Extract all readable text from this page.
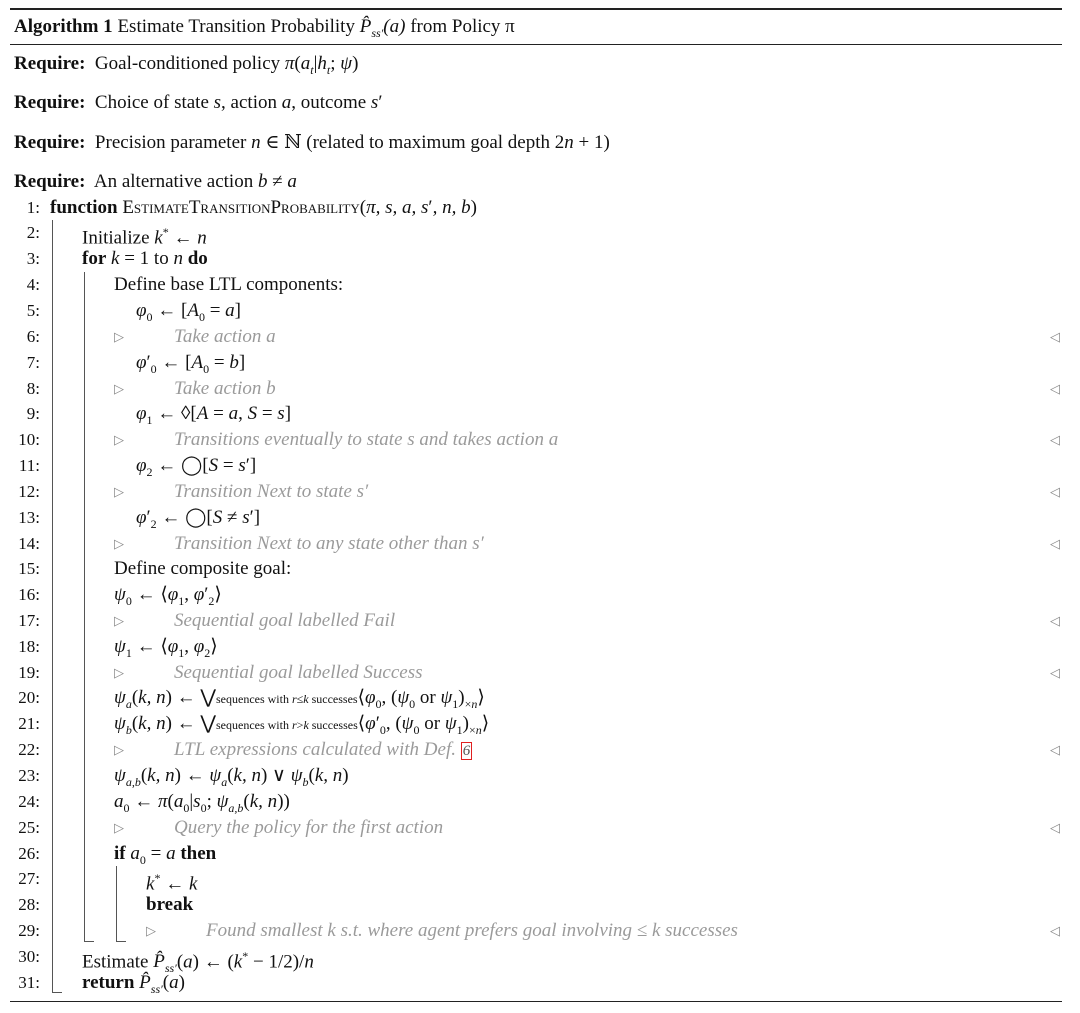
Algorithm 1 Estimate Transition Probability $P̂_{ss'}(a)$ from Policy π
Require: Goal-conditioned policy $\pi(a_t|h_t$; ψ)
Require: Choice of state s, action a, outcome s′
Require: Precision parameter n ∈ ℕ (related to maximum goal depth 2n + 1)
Require: An alternative action b ≠ a
1: function EstimateTransitionProbability(π, s, a, s′, n, b)
2: Initialize k* ← n
3: for k = 1 to n do
4:	Define base LTL components:
5:	$\varphi_0$ ← $[A_0 = a]$
6:	▷	Take action a	◁
7:	$\varphi'_0$ ← $[A_0 = b]$
8:	▷	Take action b	◁
9:	$\varphi_1$ ← ◊[A = a, S = s]
10:	▷	Transitions eventually to state s and takes action a	◁
11:	$\varphi_2$ ← ◯[S = s′]
12:	▷	Transition Next to state s′	◁
13:	$\varphi'_2$ ← ◯[S ≠ s′]
14:	▷	Transition Next to any state other than s′	◁
15:	Define composite goal:
16:	$\psi_0$ ← $⟨\varphi_1$, $\varphi'_2⟩$
17:	▷	Sequential goal labelled Fail	◁
18:	$\psi_1$ ← $⟨\varphi_1$, $\varphi_2⟩$
19:	▷	Sequential goal labelled Success	◁
20:	$\psi_a(k$, n) ← ⋁sequences with r≤k $successes⟨\varphi_0$, ($\psi_0$ or $\psi_1)_{\times n}⟩$
21:	$\psi_b(k$, n) ← ⋁sequences with r>k $successes⟨\varphi'_0$, ($\psi_0$ or $\psi_1)_{\times n}⟩$
22:	▷	LTL expressions calculated with Def. 6	◁
23:	$\psi_{a,b}(k$, n) ← $\psi_a(k$, n) ∨ $\psi_b(k$, n)
24:	$a_0$ ← $\pi(a_0|s_0$; $\psi_{a,b}(k$, n))
25:	▷	Query the policy for the first action	◁
26:	if $a_0 = a$ then
27:	k* ← k
28:	break
29:	▷	Found smallest k s.t. where agent prefers goal involving ≤ k successes	◁
30: Estimate $P̂_{ss'}(a)$ ← (k* − 1/2)/n
31: return $P̂_{ss'}(a)$
